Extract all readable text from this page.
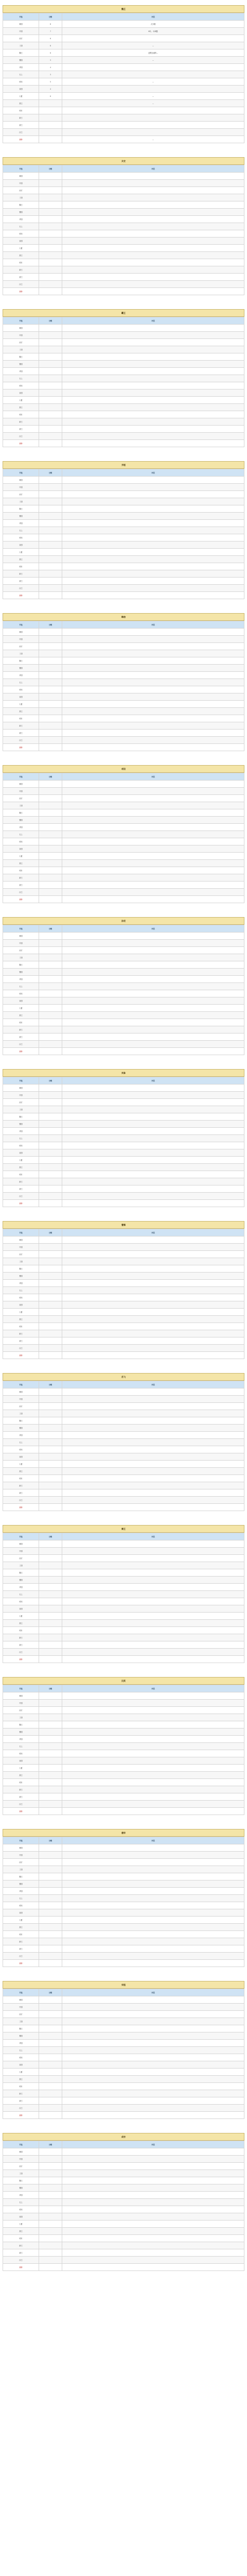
魏王
节选	分数	评语
韩国	8	大分数
中国	7	6分，小问题
西方	6	
三国	8	…
魏王	6	过程完成的…
蜀国	3	…
华国	4	
石上	3	
明末	5	…
宋国	4	
大夏	6	…
燕王		…
明月		
新王		
唐王		
汉王		
合计		…
太史
节选	分数	评语
韩国		
中国		
西方		
三国		
魏王		
蜀国		
华国		
石上		
明末		
宋国		
大夏		
燕王		
明月		
新王		
唐王		
汉王		
合计		
霸王
节选	分数	评语
韩国		
中国		
西方		
三国		
魏王		
蜀国		
华国		
石上		
明末		
宋国		
大夏		
燕王		
明月		
新王		
唐王		
汉王		
合计		
齐桓
节选	分数	评语
韩国		
中国		
西方		
三国		
魏王		
蜀国		
华国		
石上		
明末		
宋国		
大夏		
燕王		
明月		
新王		
唐王		
汉王		
合计		
韩信
节选	分数	评语
韩国		
中国		
西方		
三国		
魏王		
蜀国		
华国		
石上		
明末		
宋国		
大夏		
燕王		
明月		
新王		
唐王		
汉王		
合计		
项羽
节选	分数	评语
韩国		
中国		
西方		
三国		
魏王		
蜀国		
华国		
石上		
明末		
宋国		
大夏		
燕王		
明月		
新王		
唐王		
汉王		
合计		
孙权
节选	分数	评语
韩国		
中国		
西方		
三国		
魏王		
蜀国		
华国		
石上		
明末		
宋国		
大夏		
燕王		
明月		
新王		
唐王		
汉王		
合计		
刘备
节选	分数	评语
韩国		
中国		
西方		
三国		
魏王		
蜀国		
华国		
石上		
明末		
宋国		
大夏		
燕王		
明月		
新王		
唐王		
汉王		
合计		
曹操
节选	分数	评语
韩国		
中国		
西方		
三国		
魏王		
蜀国		
华国		
石上		
明末		
宋国		
大夏		
燕王		
明月		
新王		
唐王		
汉王		
合计		
岳飞
节选	分数	评语
韩国		
中国		
西方		
三国		
魏王		
蜀国		
华国		
石上		
明末		
宋国		
大夏		
燕王		
明月		
新王		
唐王		
汉王		
合计		
秦王
节选	分数	评语
韩国		
中国		
西方		
三国		
魏王		
蜀国		
华国		
石上		
明末		
宋国		
大夏		
燕王		
明月		
新王		
唐王		
汉王		
合计		
汉武
节选	分数	评语
韩国		
中国		
西方		
三国		
魏王		
蜀国		
华国		
石上		
明末		
宋国		
大夏		
燕王		
明月		
新王		
唐王		
汉王		
合计		
唐宗
节选	分数	评语
韩国		
中国		
西方		
三国		
魏王		
蜀国		
华国		
石上		
明末		
宋国		
大夏		
燕王		
明月		
新王		
唐王		
汉王		
合计		
宋祖
节选	分数	评语
韩国		
中国		
西方		
三国		
魏王		
蜀国		
华国		
石上		
明末		
宋国		
大夏		
燕王		
明月		
新王		
唐王		
汉王		
合计		
成吉
节选	分数	评语
韩国		
中国		
西方		
三国		
魏王		
蜀国		
华国		
石上		
明末		
宋国		
大夏		
燕王		
明月		
新王		
唐王		
汉王		
合计		
